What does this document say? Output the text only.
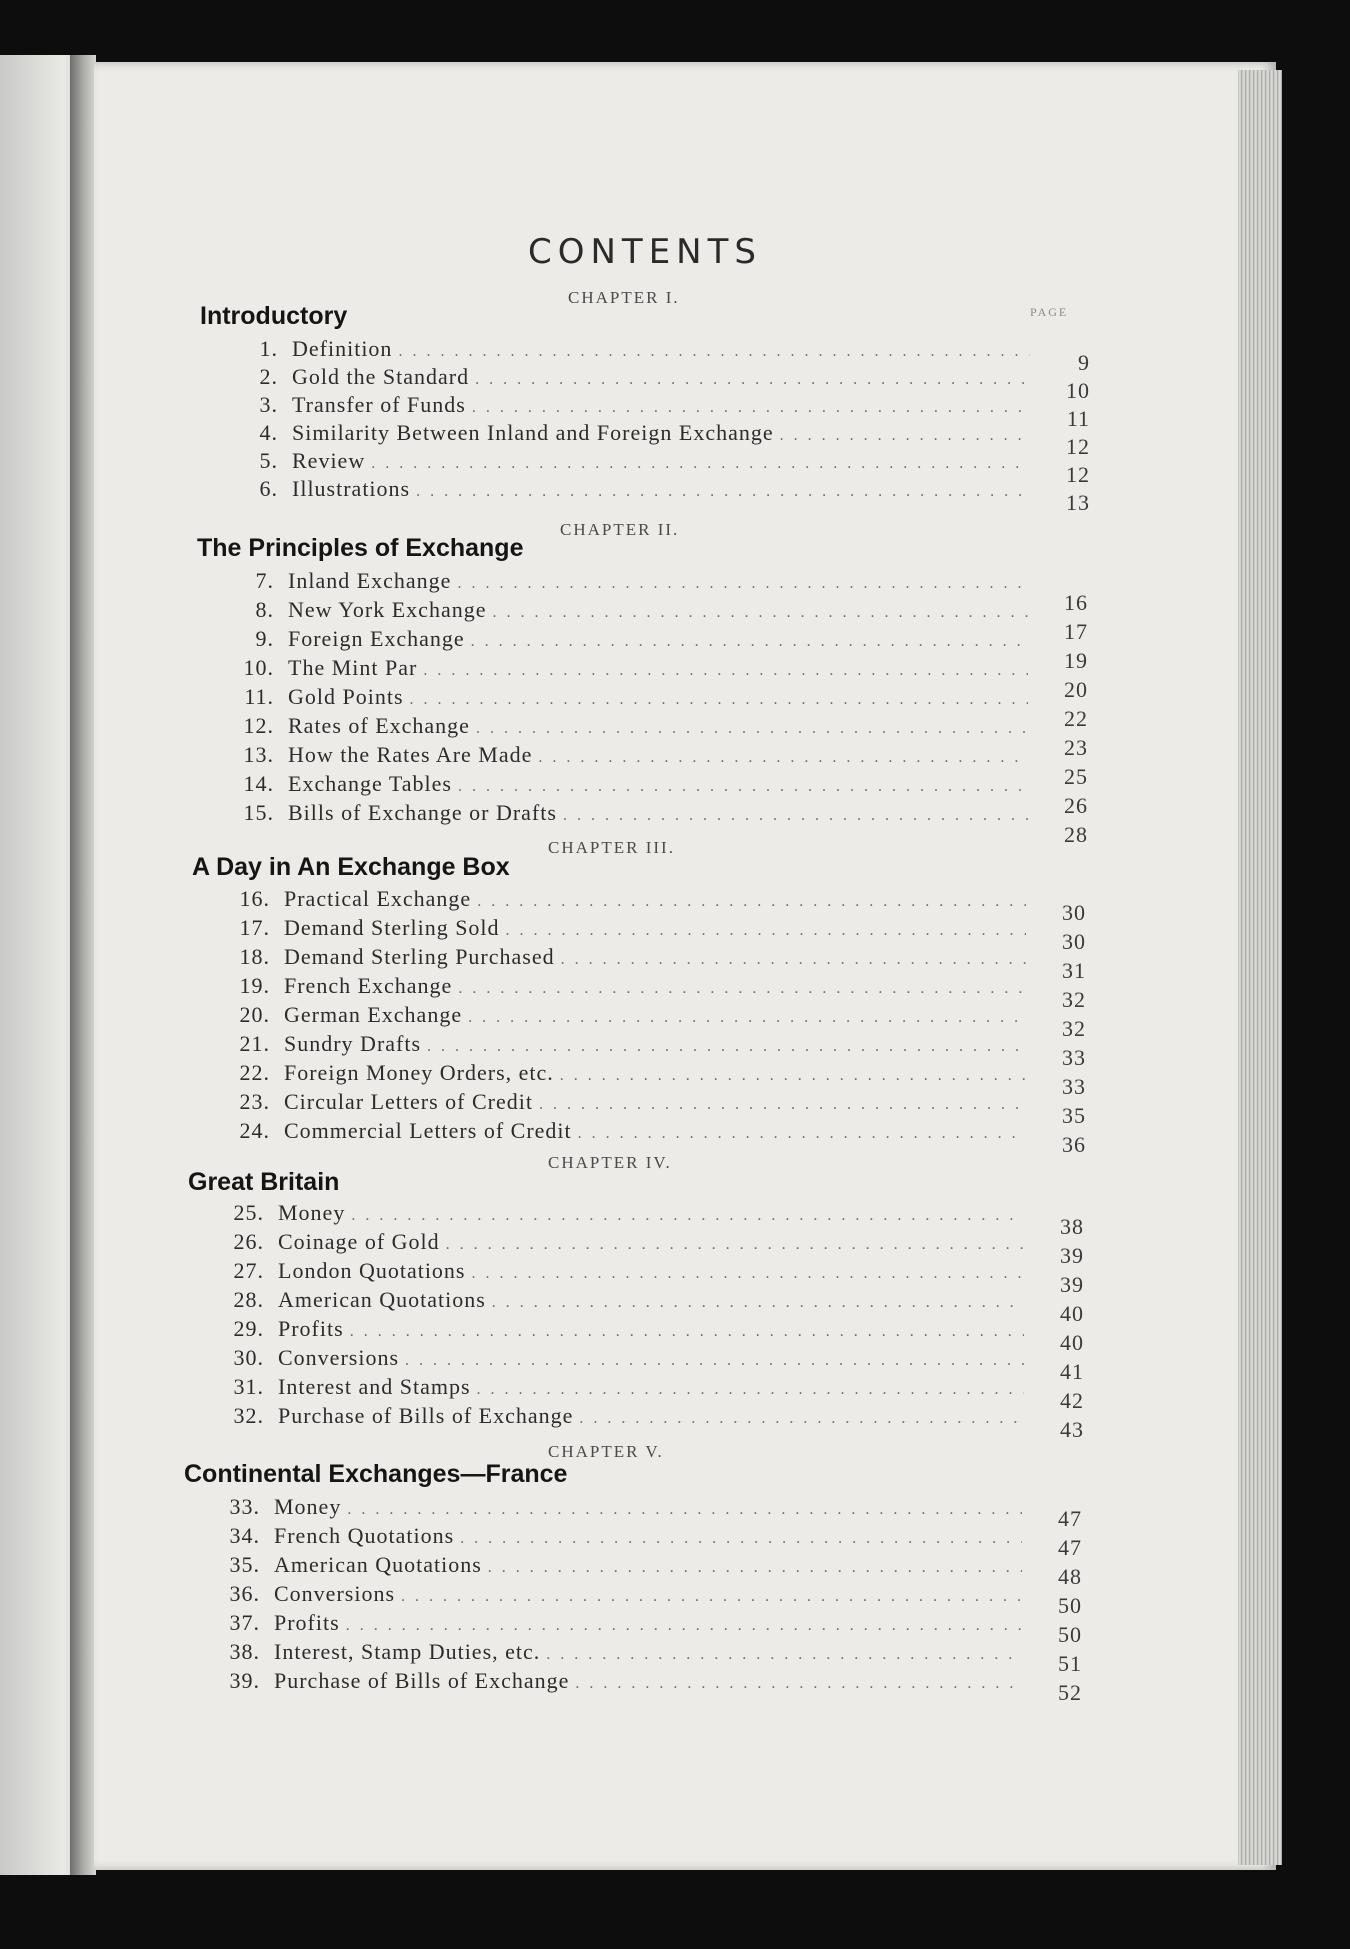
CONTENTS
PAGE
CHAPTER I.
Introductory
1. Definition
. . .
2. Gold the Standard
. . .
3. Transfer of Funds
. . .
4. Similarity Between Inland and Foreign Exchange
. . .
5. Review
. . .
6. Illustrations
. . .
9
10
11
12
12
13
CHAPTER II.
The Principles of Exchange
7. Inland Exchange
. . .
8. New York Exchange
. . .
9. Foreign Exchange
. . .
10. The Mint Par
. . .
11. Gold Points
. . .
12. Rates of Exchange
. . .
13. How the Rates Are Made
. . .
14. Exchange Tables
. . .
15. Bills of Exchange or Drafts
. . .
16
17
19
20
22
23
25
26
28
CHAPTER III.
A Day in An Exchange Box
16. Practical Exchange
. . .
17. Demand Sterling Sold
. . .
18. Demand Sterling Purchased
. . .
19. French Exchange
. . .
20. German Exchange
. . .
21. Sundry Drafts
. . .
22. Foreign Money Orders, etc.
. . .
23. Circular Letters of Credit
. . .
24. Commercial Letters of Credit
. . .
30
30
31
32
32
33
33
35
36
CHAPTER IV.
Great Britain
25. Money
. . .
26. Coinage of Gold
. . .
27. London Quotations
. . .
28. American Quotations
. . .
29. Profits
. . .
30. Conversions
. . .
31. Interest and Stamps
. . .
32. Purchase of Bills of Exchange
. . .
38
39
39
40
40
41
42
43
CHAPTER V.
Continental Exchanges—France
33. Money
. . .
34. French Quotations
. . .
35. American Quotations
. . .
36. Conversions
. . .
37. Profits
. . .
38. Interest, Stamp Duties, etc.
. . .
39. Purchase of Bills of Exchange
. . .
47
47
48
50
50
51
52
